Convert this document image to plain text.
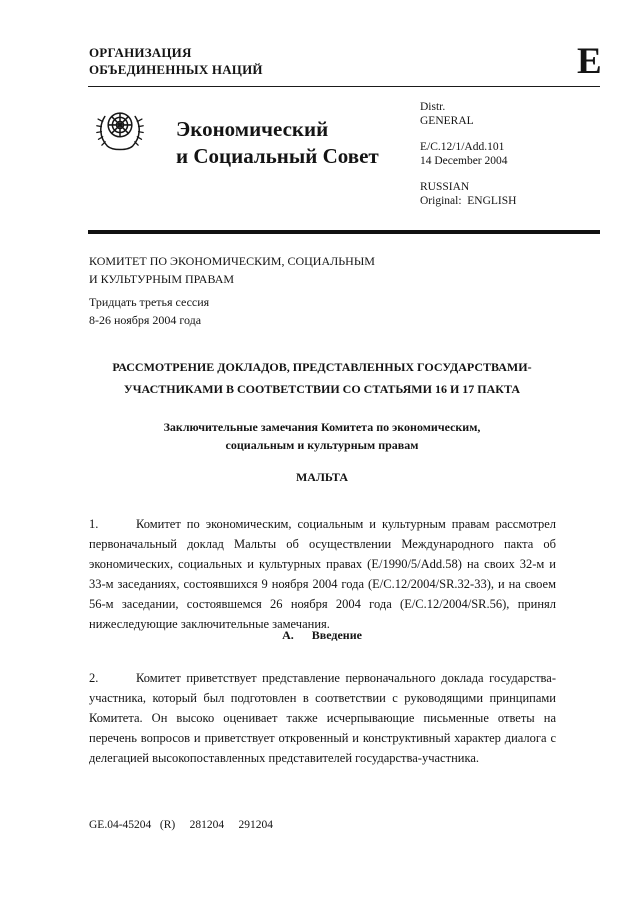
ОРГАНИЗАЦИЯ
ОБЪЕДИНЕННЫХ НАЦИЙ	E
Экономический
и Социальный Совет
Distr.
GENERAL
E/C.12/1/Add.101
14 December 2004
RUSSIAN
Original:  ENGLISH
КОМИТЕТ ПО ЭКОНОМИЧЕСКИМ, СОЦИАЛЬНЫМ
И КУЛЬТУРНЫМ ПРАВАМ
Тридцать третья сессия
8-26 ноября 2004 года
РАССМОТРЕНИЕ ДОКЛАДОВ, ПРЕДСТАВЛЕННЫХ ГОСУДАРСТВАМИ-
УЧАСТНИКАМИ В СООТВЕТСТВИИ СО СТАТЬЯМИ 16 И 17 ПАКТА
Заключительные замечания Комитета по экономическим,
социальным и культурным правам
МАЛЬТА

1.	Комитет по экономическим, социальным и культурным правам рассмотрел первоначальный доклад Мальты об осуществлении Международного пакта об экономических, социальных и культурных правах (E/1990/5/Add.58) на своих 32-м и 33-м заседаниях, состоявшихся 9 ноября 2004 года (E/C.12/2004/SR.32-33), и на своем 56-м заседании, состоявшемся 26 ноября 2004 года (E/C.12/2004/SR.56), принял нижеследующие заключительные замечания.

A. Введение

2.	Комитет приветствует представление первоначального доклада государства-участника, который был подготовлен в соответствии с руководящими принципами Комитета. Он высоко оценивает также исчерпывающие письменные ответы на перечень вопросов и приветствует откровенный и конструктивный характер диалога с делегацией высокопоставленных представителей государства-участника.

GE.04-45204   (R)     281204     291204
